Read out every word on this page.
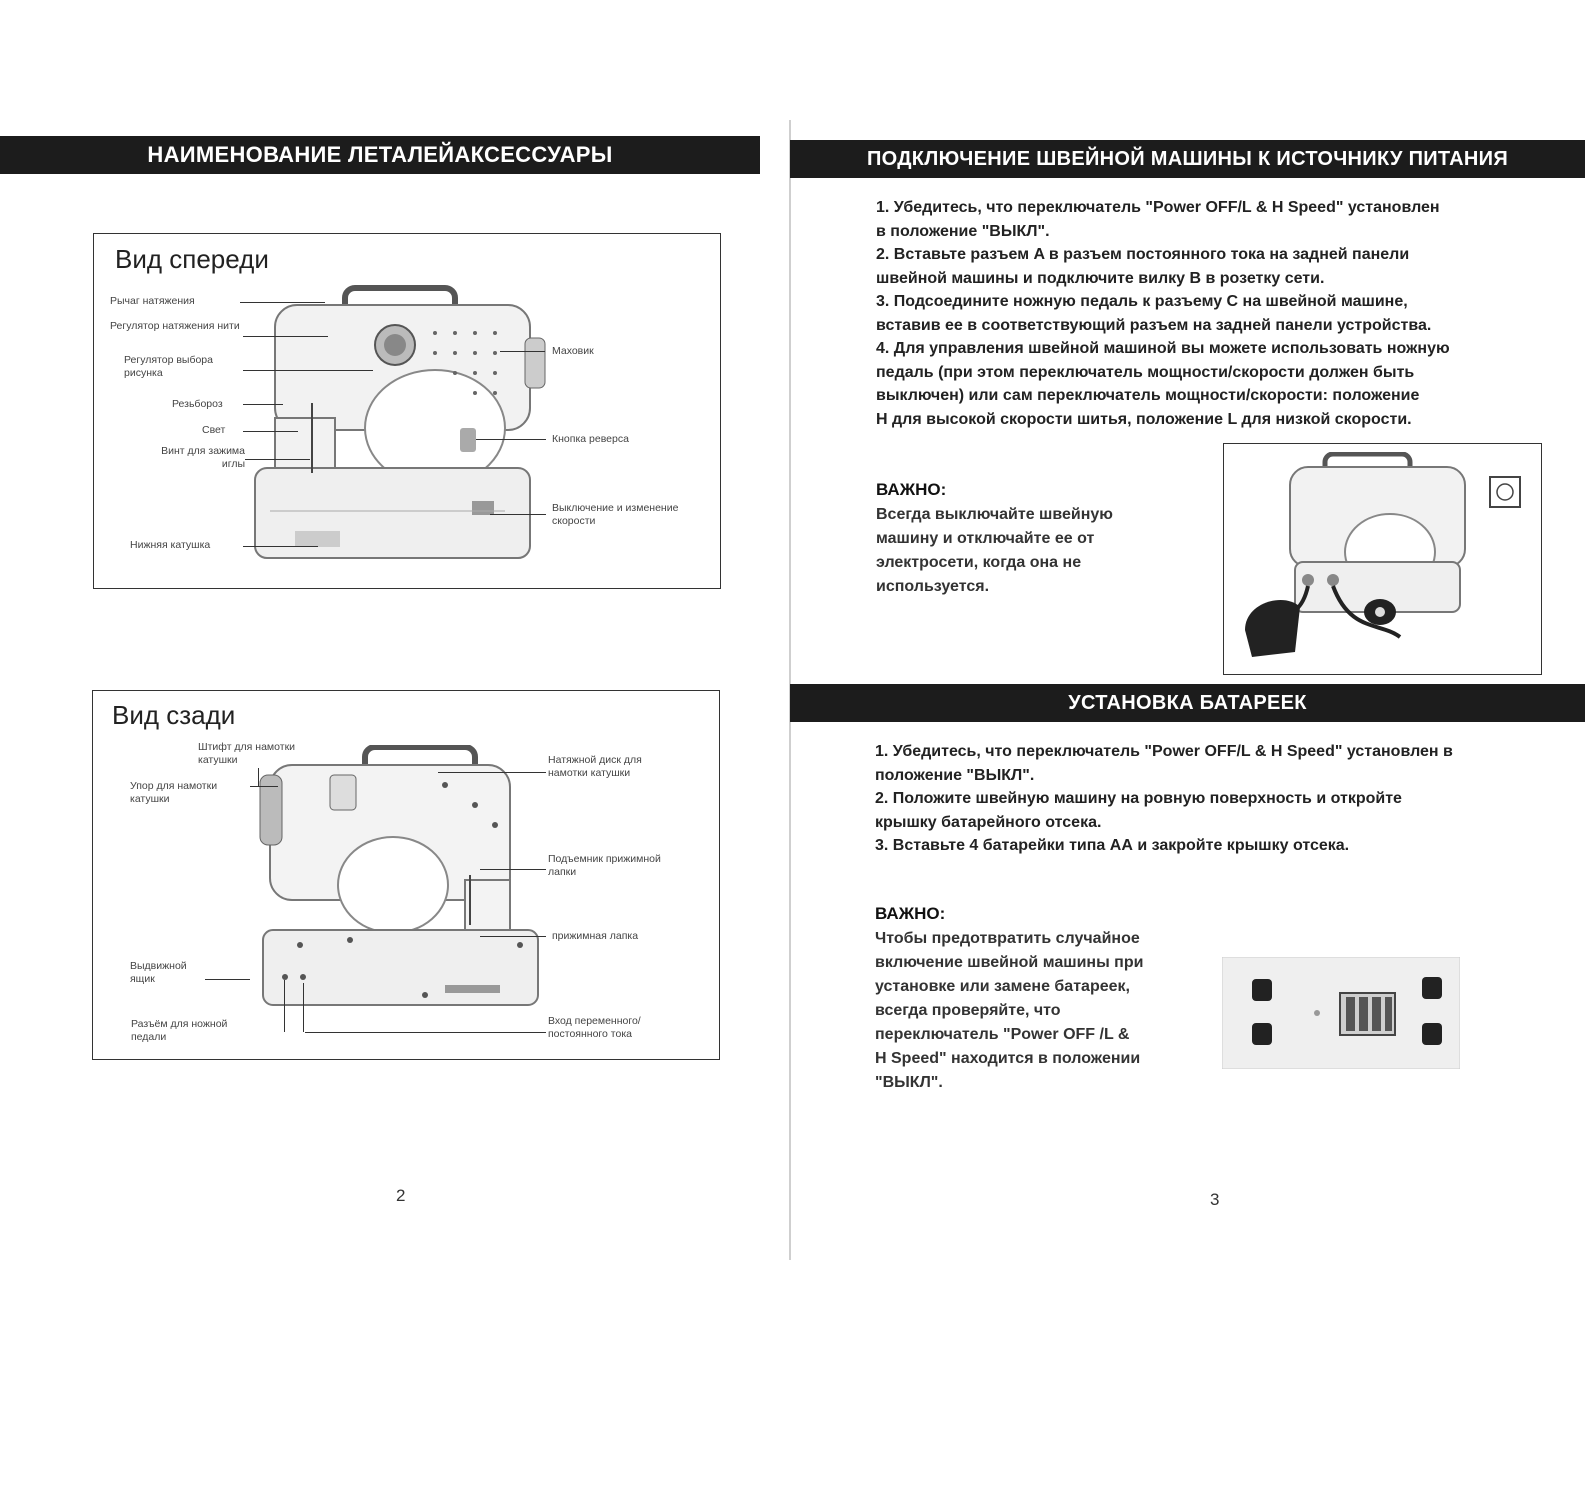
НАИМЕНОВАНИЕ ЛЕТАЛЕЙАКСЕССУАРЫ
Вид спереди
Рычаг натяжения
Регулятор натяжения нити
Регулятор выбора рисунка
Резьбороз
Свет
Винт для зажима иглы
Нижняя катушка
Маховик
Кнопка реверса
Выключение и изменение скорости
Вид сзади
Штифт для намотки катушки
Упор для намотки катушки
Выдвижной ящик
Разъём для ножной педали
Натяжной диск для намотки катушки
Подъемник прижимной лапки
прижимная лапка
Вход переменного/ постоянного тока
2
ПОДКЛЮЧЕНИЕ ШВЕЙНОЙ МАШИНЫ К ИСТОЧНИКУ ПИТАНИЯ
1. Убедитесь, что переключатель "Power OFF/L & H Speed" установлен
в положение "ВЫКЛ".
2. Вставьте разъем A в разъем постоянного тока на задней панели
швейной машины и подключите вилку B в розетку сети.
3. Подсоедините ножную педаль к разъему C на швейной машине,
вставив ее в соответствующий разъем на задней панели устройства.
4. Для управления швейной машиной вы можете использовать ножную
педаль (при этом переключатель мощности/скорости должен быть
выключен) или сам переключатель мощности/скорости: положение
H для высокой скорости шитья, положение L для низкой скорости.
ВАЖНО:
Всегда выключайте швейную
машину и отключайте ее от
электросети, когда она не
используется.
УСТАНОВКА БАТАРЕЕК
1. Убедитесь, что переключатель "Power OFF/L & H Speed" установлен в
положение "ВЫКЛ".
2. Положите швейную машину на ровную поверхность и откройте
крышку батарейного отсека.
3. Вставьте 4 батарейки типа АА и закройте крышку отсека.
ВАЖНО:
Чтобы предотвратить случайное
включение швейной машины при
установке или замене батареек,
всегда проверяйте, что
переключатель "Power OFF /L &
H Speed" находится в положении
"ВЫКЛ".
3
